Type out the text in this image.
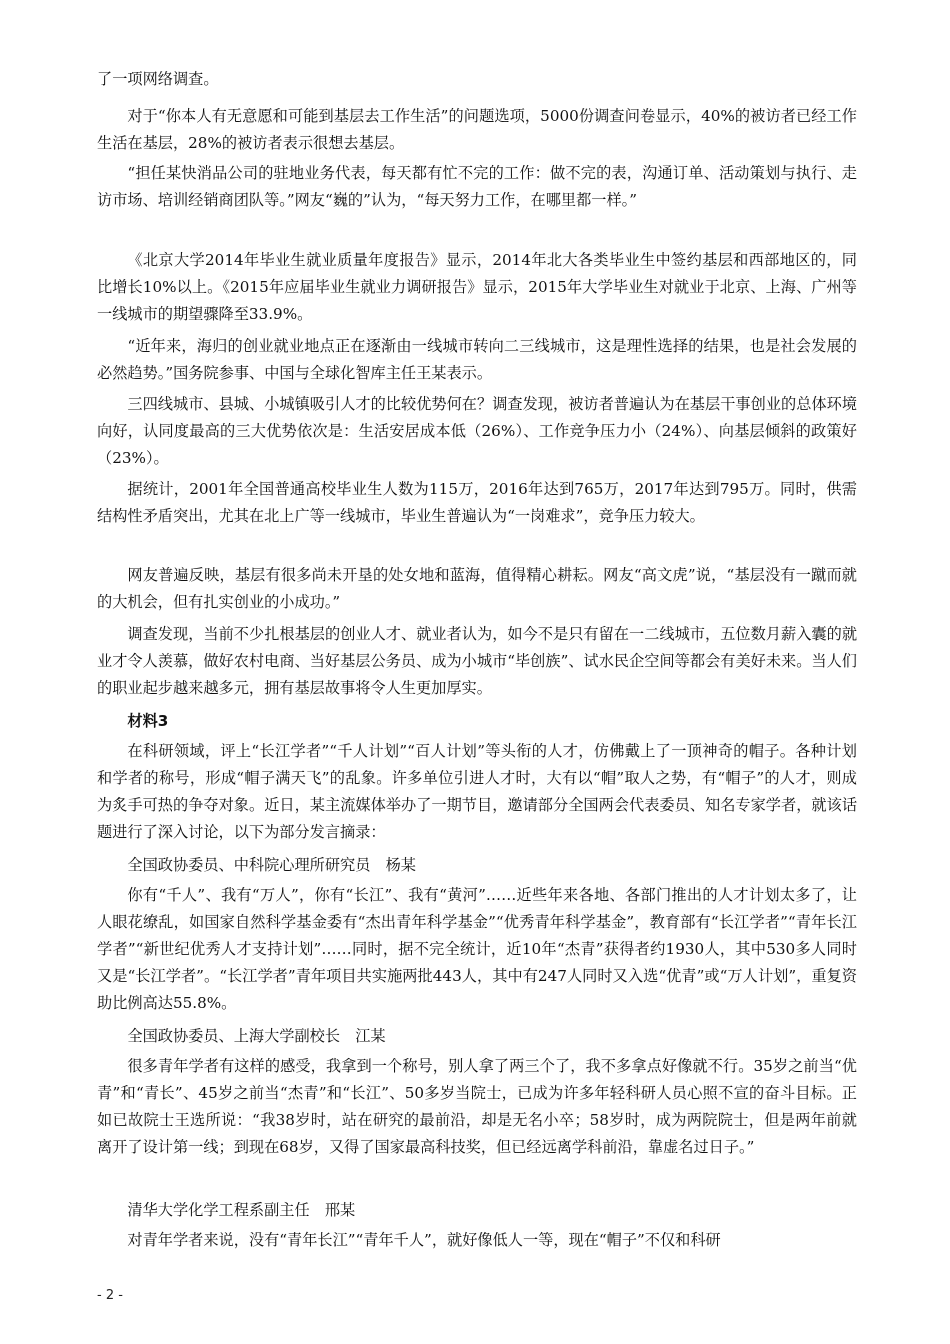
了一项网络调查。

对于“你本人有无意愿和可能到基层去工作生活”的问题选项，5000份调查问卷显示，40%的被访者已经工作生活在基层，28%的被访者表示很想去基层。

“担任某快消品公司的驻地业务代表，每天都有忙不完的工作：做不完的表，沟通订单、活动策划与执行、走访市场、培训经销商团队等。”网友“巍的”认为，“每天努力工作，在哪里都一样。”

《北京大学2014年毕业生就业质量年度报告》显示，2014年北大各类毕业生中签约基层和西部地区的，同比增长10%以上。《2015年应届毕业生就业力调研报告》显示，2015年大学毕业生对就业于北京、上海、广州等一线城市的期望骤降至33.9%。

“近年来，海归的创业就业地点正在逐渐由一线城市转向二三线城市，这是理性选择的结果，也是社会发展的必然趋势。”国务院参事、中国与全球化智库主任王某表示。

三四线城市、县城、小城镇吸引人才的比较优势何在？调查发现，被访者普遍认为在基层干事创业的总体环境向好，认同度最高的三大优势依次是：生活安居成本低（26%）、工作竞争压力小（24%）、向基层倾斜的政策好（23%）。

据统计，2001年全国普通高校毕业生人数为115万，2016年达到765万，2017年达到795万。同时，供需结构性矛盾突出，尤其在北上广等一线城市，毕业生普遍认为“一岗难求”，竞争压力较大。

网友普遍反映，基层有很多尚未开垦的处女地和蓝海，值得精心耕耘。网友“高文虎”说，“基层没有一蹴而就的大机会，但有扎实创业的小成功。”

调查发现，当前不少扎根基层的创业人才、就业者认为，如今不是只有留在一二线城市，五位数月薪入囊的就业才令人羡慕，做好农村电商、当好基层公务员、成为小城市“毕创族”、试水民企空间等都会有美好未来。当人们的职业起步越来越多元，拥有基层故事将令人生更加厚实。

材料3

在科研领域，评上“长江学者”“千人计划”“百人计划”等头衔的人才，仿佛戴上了一顶神奇的帽子。各种计划和学者的称号，形成“帽子满天飞”的乱象。许多单位引进人才时，大有以“帽”取人之势，有“帽子”的人才，则成为炙手可热的争夺对象。近日，某主流媒体举办了一期节目，邀请部分全国两会代表委员、知名专家学者，就该话题进行了深入讨论，以下为部分发言摘录：

全国政协委员、中科院心理所研究员　杨某

你有“千人”、我有“万人”，你有“长江”、我有“黄河”……近些年来各地、各部门推出的人才计划太多了，让人眼花缭乱，如国家自然科学基金委有“杰出青年科学基金”“优秀青年科学基金”，教育部有“长江学者”“青年长江学者”“新世纪优秀人才支持计划”……同时，据不完全统计，近10年“杰青”获得者约1930人，其中530多人同时又是“长江学者”。“长江学者”青年项目共实施两批443人，其中有247人同时又入选“优青”或“万人计划”，重复资助比例高达55.8%。

全国政协委员、上海大学副校长　江某

很多青年学者有这样的感受，我拿到一个称号，别人拿了两三个了，我不多拿点好像就不行。35岁之前当“优青”和“青长”、45岁之前当“杰青”和“长江”、50多岁当院士，已成为许多年轻科研人员心照不宣的奋斗目标。正如已故院士王选所说：“我38岁时，站在研究的最前沿，却是无名小卒；58岁时，成为两院院士，但是两年前就离开了设计第一线；到现在68岁，又得了国家最高科技奖，但已经远离学科前沿，靠虚名过日子。”

清华大学化学工程系副主任　邢某

对青年学者来说，没有“青年长江”“青年千人”，就好像低人一等，现在“帽子”不仅和科研

- 2 -
